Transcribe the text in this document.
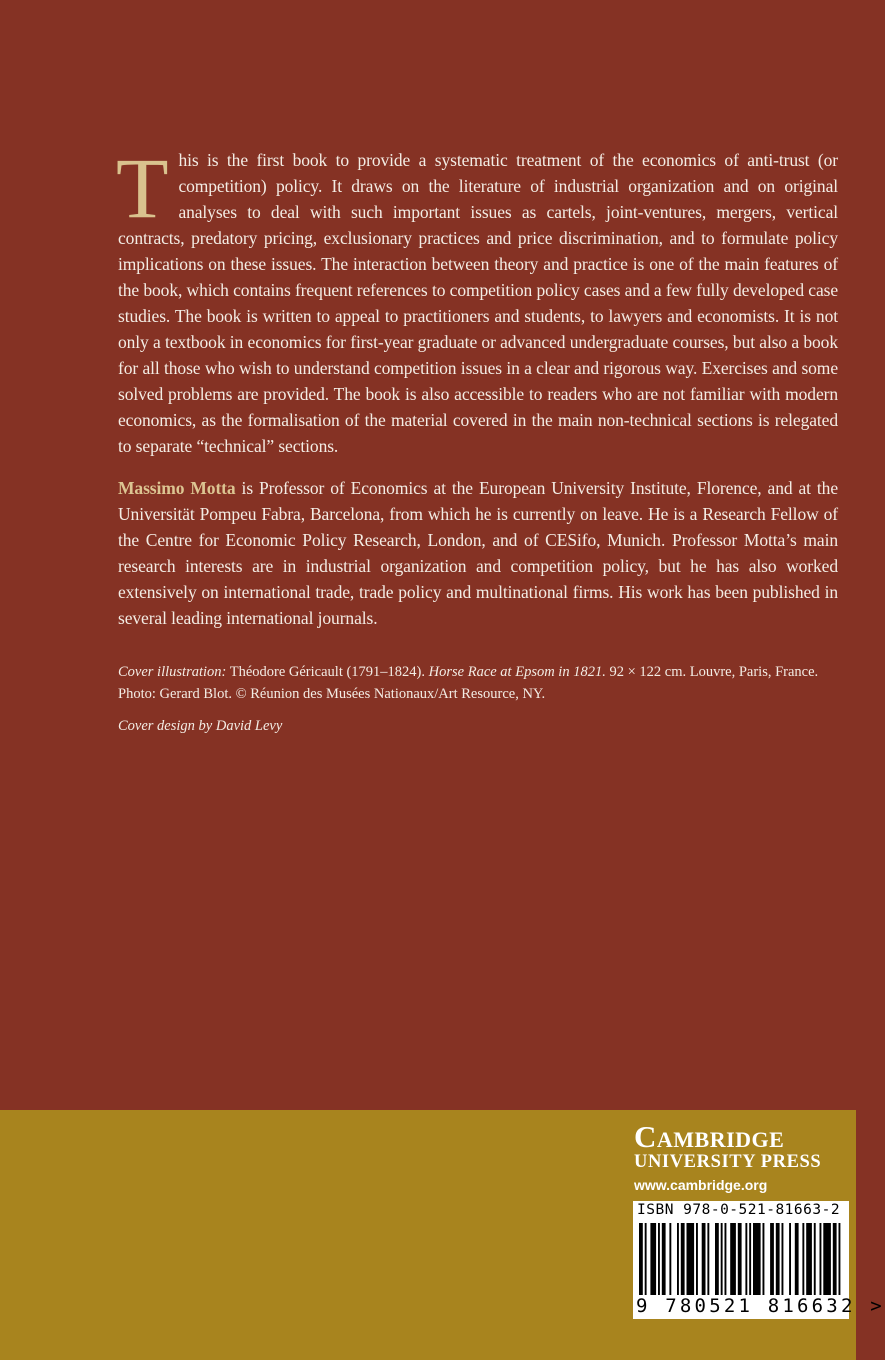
This is the first book to provide a systematic treatment of the economics of anti-trust (or competition) policy. It draws on the literature of industrial organization and on original analyses to deal with such important issues as cartels, joint-ventures, mergers, vertical contracts, predatory pricing, exclusionary practices and price discrimination, and to formulate policy implications on these issues. The interaction between theory and practice is one of the main features of the book, which contains frequent references to competition policy cases and a few fully developed case studies. The book is written to appeal to practitioners and students, to lawyers and economists. It is not only a textbook in economics for first-year graduate or advanced undergraduate courses, but also a book for all those who wish to understand competition issues in a clear and rigorous way. Exercises and some solved problems are provided. The book is also accessible to readers who are not familiar with modern economics, as the formalisation of the material covered in the main non-technical sections is relegated to separate “technical” sections.

Massimo Motta is Professor of Economics at the European University Institute, Florence, and at the Universität Pompeu Fabra, Barcelona, from which he is currently on leave. He is a Research Fellow of the Centre for Economic Policy Research, London, and of CESifo, Munich. Professor Motta’s main research interests are in industrial organization and competition policy, but he has also worked extensively on international trade, trade policy and multinational firms. His work has been published in several leading international journals.

Cover illustration: Théodore Géricault (1791–1824). Horse Race at Epsom in 1821. 92 × 122 cm. Louvre, Paris, France. Photo: Gerard Blot. © Réunion des Musées Nationaux/Art Resource, NY.

Cover design by David Levy

Cambridge
UNIVERSITY PRESS
www.cambridge.org
ISBN 978-0-521-81663-2
9 780521 816632 >
